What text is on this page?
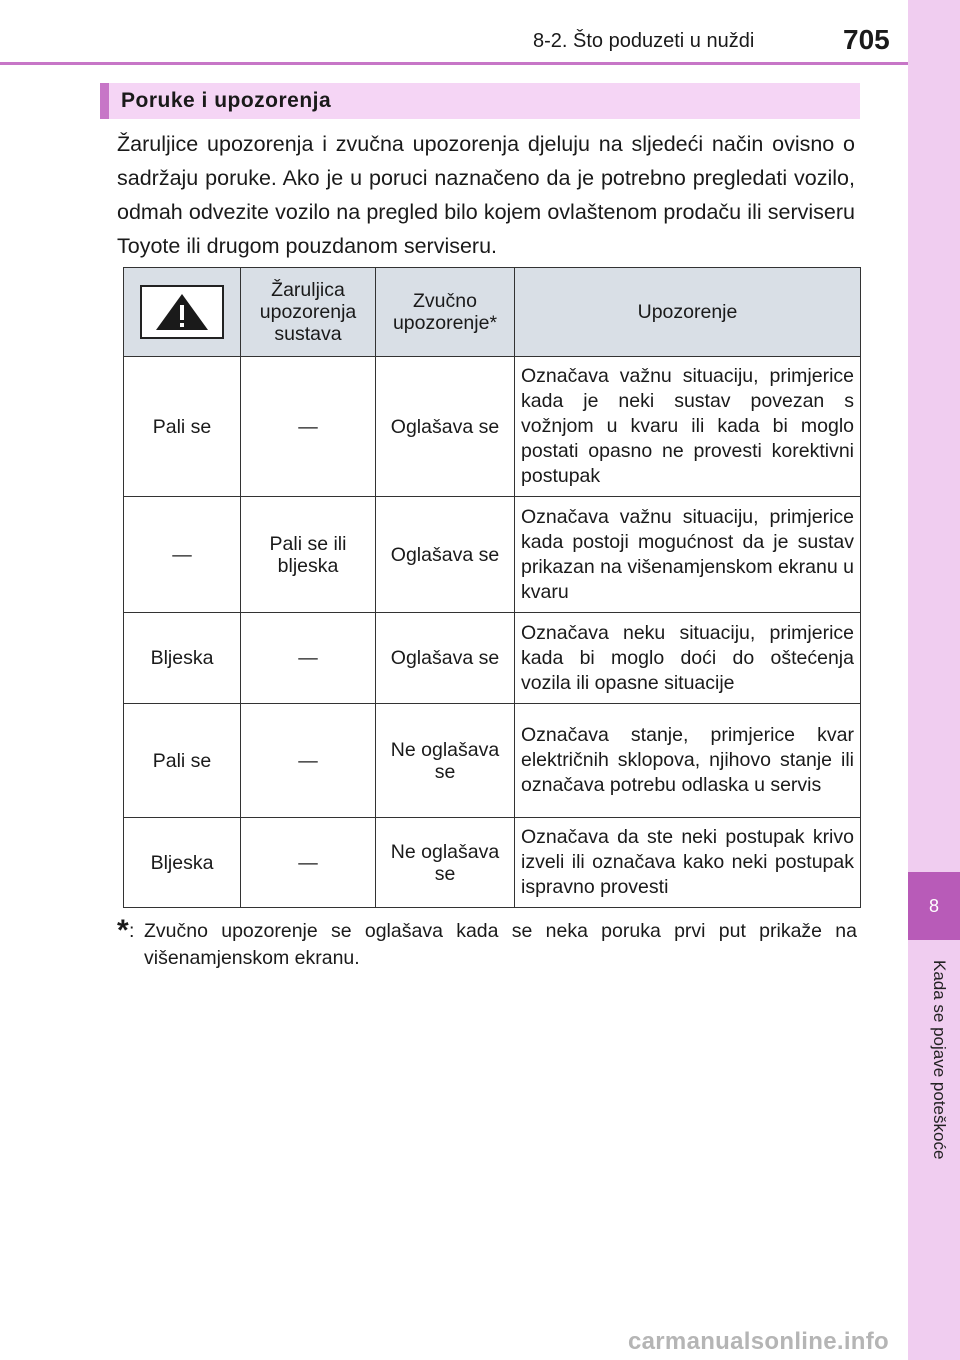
8
Kada se pojave poteškoće
8-2. Što poduzeti u nuždi	705
Poruke i upozorenja

Žaruljice upozorenja i zvučna upozorenja djeluju na sljedeći način ovisno o sadržaju poruke. Ako je u poruci naznačeno da je potrebno pregledati vozilo, odmah odvezite vozilo na pregled bilo kojem ovlaštenom prodaču ili serviseru Toyote ili drugom pouzdanom serviseru.

	Žaruljica upozorenja sustava	Zvučno upozorenje*	Upozorenje
Pali se	—	Oglašava se	Označava važnu situaciju, primjerice kada je neki sustav povezan s vožnjom u kvaru ili kada bi moglo postati opasno ne provesti korektivni postupak
—	Pali se ili bljeska	Oglašava se	Označava važnu situaciju, primjerice kada postoji mogućnost da je sustav prikazan na višenamjenskom ekranu u kvaru
Bljeska	—	Oglašava se	Označava neku situaciju, primjerice kada bi moglo doći do oštećenja vozila ili opasne situacije
Pali se	—	Ne oglašava se	Označava stanje, primjerice kvar električnih sklopova, njihovo stanje ili označava potrebu odlaska u servis
Bljeska	—	Ne oglašava se	Označava da ste neki postupak krivo izveli ili označava kako neki postupak ispravno provesti
* : Zvučno upozorenje se oglašava kada se neka poruka prvi put prikaže na višenamjenskom ekranu.
carmanualsonline.info
